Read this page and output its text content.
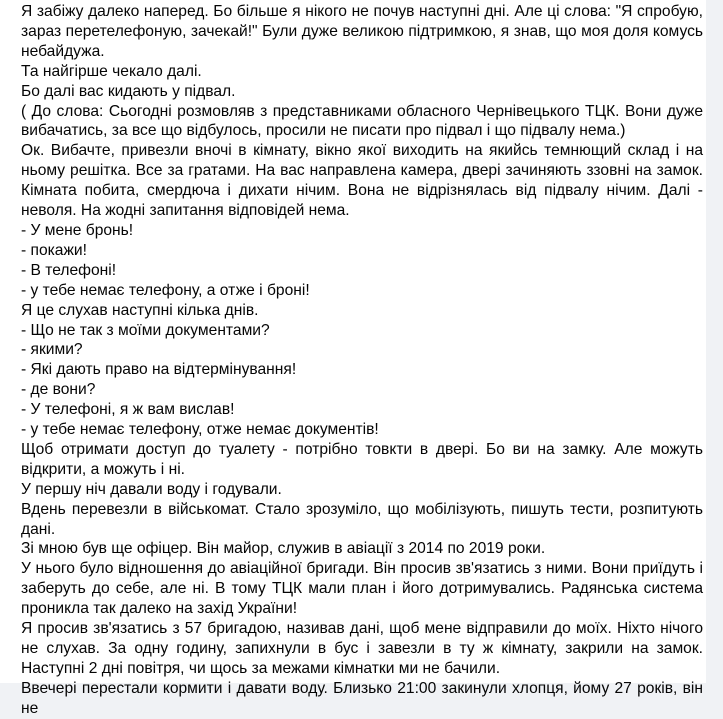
Я забіжу далеко наперед. Бо більше я нікого не почув наступні дні. Але ці слова: "Я спробую, зараз перетелефоную, зачекай!" Були дуже великою підтримкою, я знав, що моя доля комусь небайдужа.

Та найгірше чекало далі.

Бо далі вас кидають у підвал.

( До слова: Сьогодні розмовляв з представниками обласного Чернівецького ТЦК. Вони дуже вибачатись, за все що відбулось, просили не писати про підвал і що підвалу нема.)

Ок. Вибачте, привезли вночі в кімнату, вікно якої виходить на якийсь темнющий склад і на ньому решітка. Все за гратами. На вас направлена камера, двері зачиняють ззовні на замок. Кімната побита, смердюча і дихати нічим. Вона не відрізнялась від підвалу нічим. Далі - неволя. На жодні запитання відповідей нема.

- У мене бронь!

- покажи!

- В телефоні!

- у тебе немає телефону, а отже і броні!

Я це слухав наступні кілька днів.

- Що не так з моїми документами?

- якими?

- Які дають право на відтермінування!

- де вони?

- У телефоні, я ж вам вислав!

- у тебе немає телефону, отже немає документів!

Щоб отримати доступ до туалету - потрібно товкти в двері. Бо ви на замку. Але можуть відкрити, а можуть і ні.

У першу ніч давали воду і годували.

Вдень перевезли в військомат. Стало зрозуміло, що мобілізують, пишуть тести, розпитують дані.

Зі мною був ще офіцер. Він майор, служив в авіації з 2014 по 2019 роки.

У нього було відношення до авіаційної бригади. Він просив зв'язатись з ними. Вони приїдуть і заберуть до себе, але ні. В тому ТЦК мали план і його дотримувались. Радянська система проникла так далеко на захід України!

Я просив зв'язатись з 57 бригадою, називав дані, щоб мене відправили до моїх. Ніхто нічого не слухав. За одну годину, запихнули в бус і завезли в ту ж кімнату, закрили на замок. Наступні 2 дні повітря, чи щось за межами кімнатки ми не бачили.

Ввечері перестали кормити і давати воду. Близько 21:00 закинули хлопця, йому 27 років, він не
